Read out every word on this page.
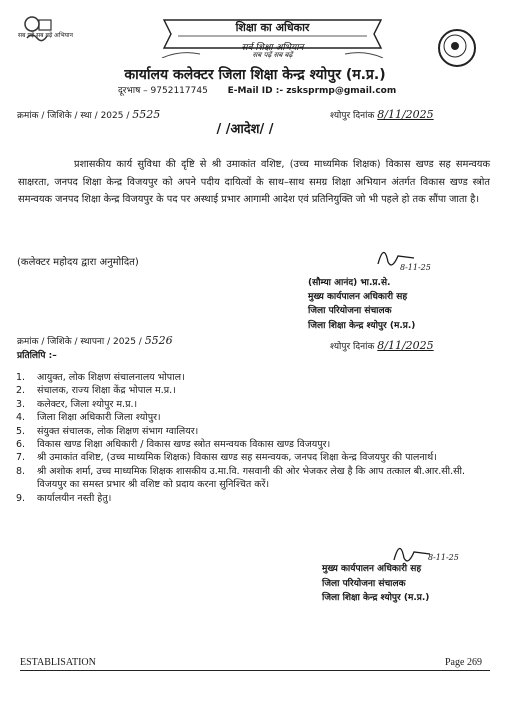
सब पढ़ें सब बढ़ें अभियान
शिक्षा का अधिकार
सर्व शिक्षा अभियान
सब पढ़ें सब बढ़ें
कार्यालय कलेक्टर जिला शिक्षा केन्द्र श्योपुर (म.प्र.)
दूरभाष – 9752117745 E-Mail ID :- zsksprmp@gmail.com
क्रमांक / जिशिके / स्था / 2025 / 5525	श्योपुर दिनांक 8/11/2025
/ /आदेश/ /
प्रशासकीय कार्य सुविधा की दृष्टि से श्री उमाकांत वशिष्ट, (उच्च माध्यमिक शिक्षक) विकास खण्ड सह समन्वयक साक्षरता, जनपद शिक्षा केन्द्र विजयपुर को अपने पदीय दायित्वों के साथ–साथ समग्र शिक्षा अभियान अंतर्गत विकास खण्ड स्त्रोत समन्वयक जनपद शिक्षा केन्द्र विजयपुर के पद पर अस्थाई प्रभार आगामी आदेश एवं प्रतिनियुक्ति जो भी पहले हो तक सौंपा जाता है।
(कलेक्टर महोदय द्वारा अनुमोदित)	8-11-25
(सौम्या आनंद) भा.प्र.से.
मुख्य कार्यपालन अधिकारी सह
जिला परियोजना संचालक
जिला शिक्षा केन्द्र श्योपुर (म.प्र.)
क्रमांक / जिशिके / स्थापना / 2025 / 5526	श्योपुर दिनांक 8/11/2025
प्रतिलिपि :–
1.	आयुक्त, लोक शिक्षण संचालनालय भोपाल।
2.	संचालक, राज्य शिक्षा केंद्र भोपाल म.प्र.।
3.	कलेक्टर, जिला श्योपुर म.प्र.।
4.	जिला शिक्षा अधिकारी जिला श्योपुर।
5.	संयुक्त संचालक, लोक शिक्षण संभाग ग्वालियर।
6.	विकास खण्ड शिक्षा अधिकारी / विकास खण्ड स्त्रोत समन्वयक विकास खण्ड विजयपुर।
7.	श्री उमाकांत वशिष्ट, (उच्च माध्यमिक शिक्षक) विकास खण्ड सह समन्वयक, जनपद शिक्षा केन्द्र विजयपुर की पालनार्थ।
8.	श्री अशोक शर्मा, उच्च माध्यमिक शिक्षक शासकीय उ.मा.वि. गसवानी की ओर भेजकर लेख है कि आप तत्काल बी.आर.सी.सी. विजयपुर का समस्त प्रभार श्री वशिष्ट को प्रदाय करना सुनिश्चित करें।
9.	कार्यालयीन नस्ती हेतु।
8-11-25
मुख्य कार्यपालन अधिकारी सह
जिला परियोजना संचालक
जिला शिक्षा केन्द्र श्योपुर (म.प्र.)
ESTABLISATION	Page 269
